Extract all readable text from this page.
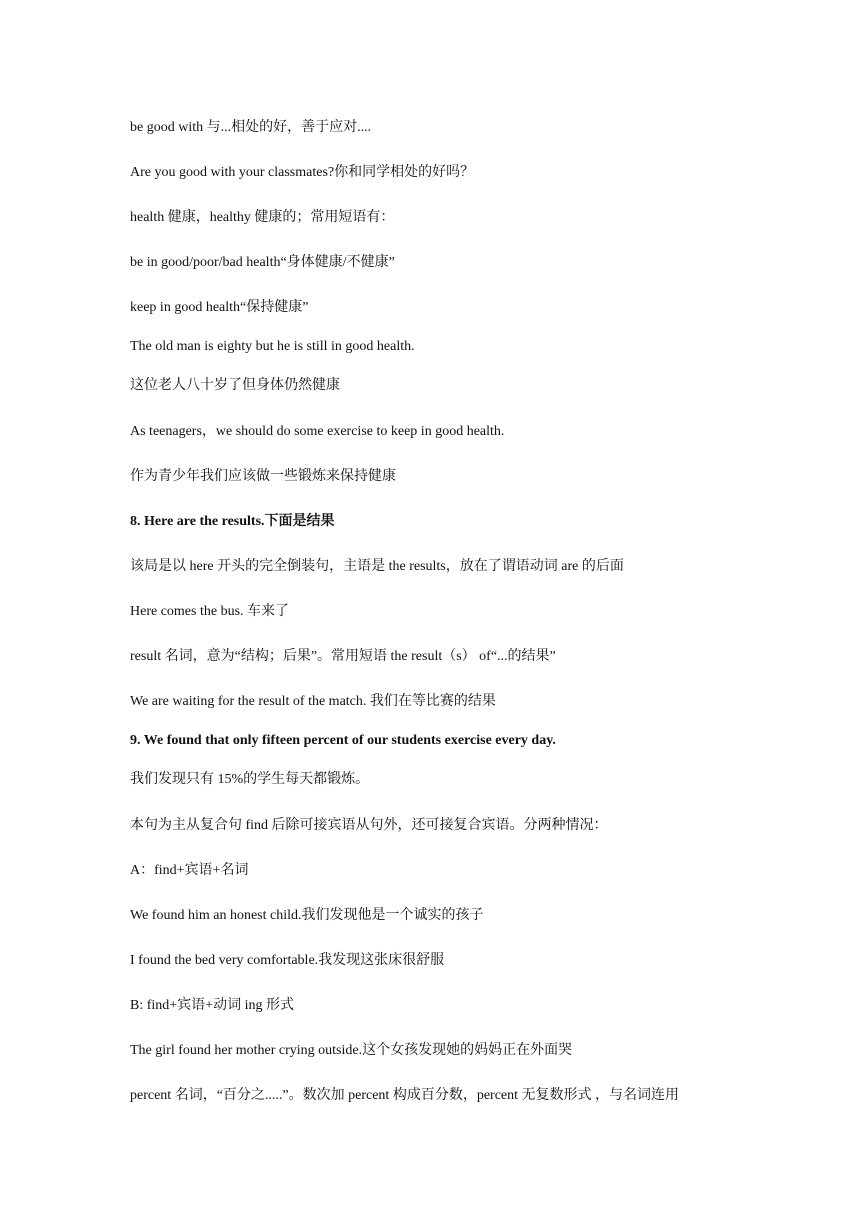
be good with 与...相处的好，善于应对....
Are you good with your classmates?你和同学相处的好吗？
health 健康，healthy 健康的；常用短语有：
be in good/poor/bad health“身体健康/不健康”
keep in good health“保持健康”
The old man is eighty but he is still in good health.
这位老人八十岁了但身体仍然健康
As teenagers，we should do some exercise to keep in good health.
作为青少年我们应该做一些锻炼来保持健康
8. Here are the results.下面是结果
该局是以 here 开头的完全倒装句，主语是 the results，放在了谓语动词 are 的后面
Here comes the bus. 车来了
result 名词，意为“结构；后果”。常用短语 the result（s） of“...的结果”
We are waiting for the result of the match. 我们在等比赛的结果
9. We found that only fifteen percent of our students exercise every day.
我们发现只有 15%的学生每天都锻炼。
本句为主从复合句 find 后除可接宾语从句外，还可接复合宾语。分两种情况：
A：find+宾语+名词
We found him an honest child.我们发现他是一个诚实的孩子
I found the bed very comfortable.我发现这张床很舒服
B: find+宾语+动词 ing 形式
The girl found her mother crying outside.这个女孩发现她的妈妈正在外面哭
percent 名词，“百分之.....”。数次加 percent 构成百分数，percent 无复数形式 ，与名词连用
